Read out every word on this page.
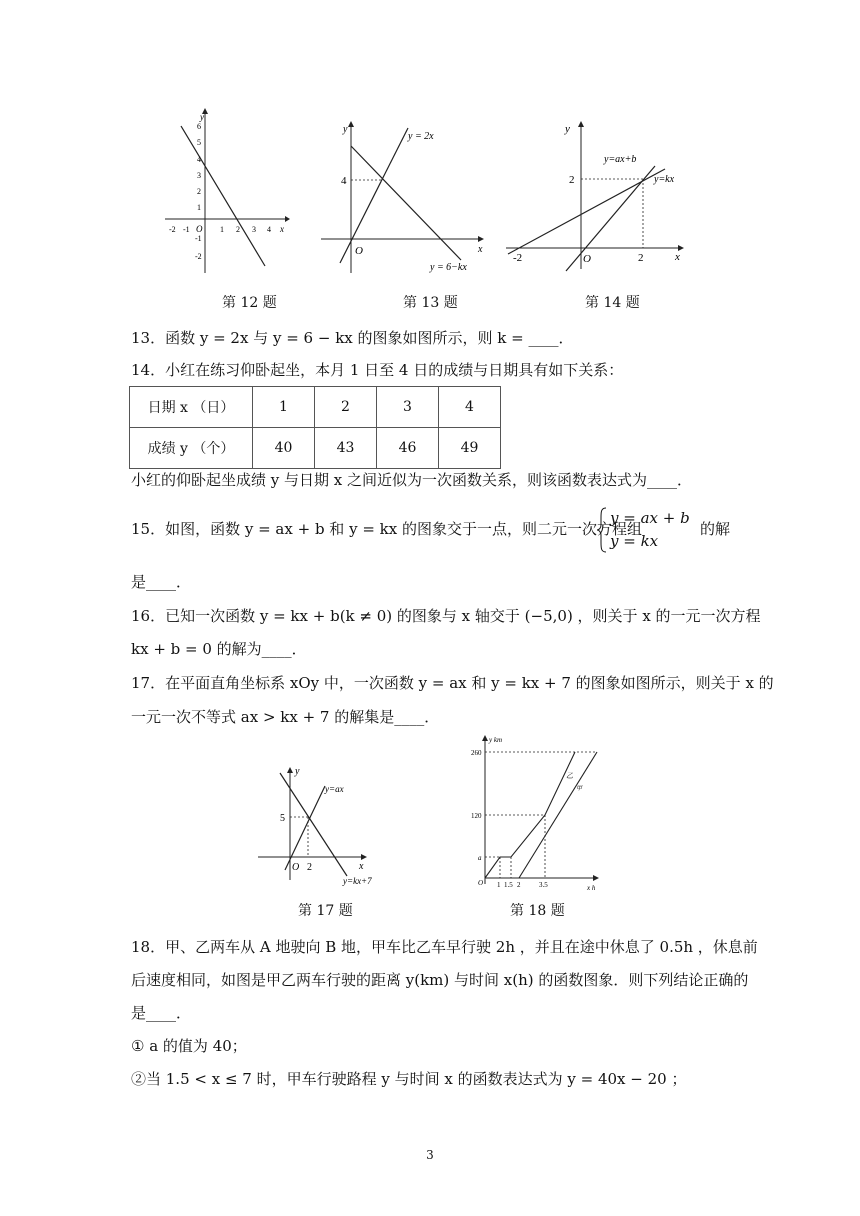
y
x
O
6
5
4
3
2
1
-1
-2
-2 -1	1 2 3 4
第 12 题
y
x
O
4
y = 2x
y = 6−kx
第 13 题
y
x
O
2
2
-2
y=ax+b
y=kx
第 14 题
13．函数 y = 2x 与 y = 6 − kx 的图象如图所示，则 k = ____．
14．小红在练习仰卧起坐，本月 1 日至 4 日的成绩与日期具有如下关系：
日期 x （日）	1	2	3	4
成绩 y （个）	40	43	46	49
小红的仰卧起坐成绩 y 与日期 x 之间近似为一次函数关系，则该函数表达式为____．
15．如图，函数 y = ax + b 和 y = kx 的图象交于一点，则二元一次方程组
y = ax + b
y = kx
的解
是____．
16．已知一次函数 y = kx + b(k ≠ 0) 的图象与 x 轴交于 (−5,0) ，则关于 x 的一元一次方程
kx + b = 0 的解为____．
17．在平面直角坐标系 xOy 中，一次函数 y = ax 和 y = kx + 7 的图象如图所示，则关于 x 的
一元一次不等式 ax > kx + 7 的解集是____．
y
x
O
5
2
y=ax
y=kx+7
第 17 题
y km
x h
O
260
120
a
1 1.5 2	3.5
乙
甲
第 18 题
18．甲、乙两车从 A 地驶向 B 地，甲车比乙车早行驶 2h ，并且在途中休息了 0.5h ，休息前
后速度相同，如图是甲乙两车行驶的距离 y(km) 与时间 x(h) 的函数图象．则下列结论正确的
是____．
① a 的值为 40；
②当 1.5 < x ≤ 7 时，甲车行驶路程 y 与时间 x 的函数表达式为 y = 40x − 20 ；
3
